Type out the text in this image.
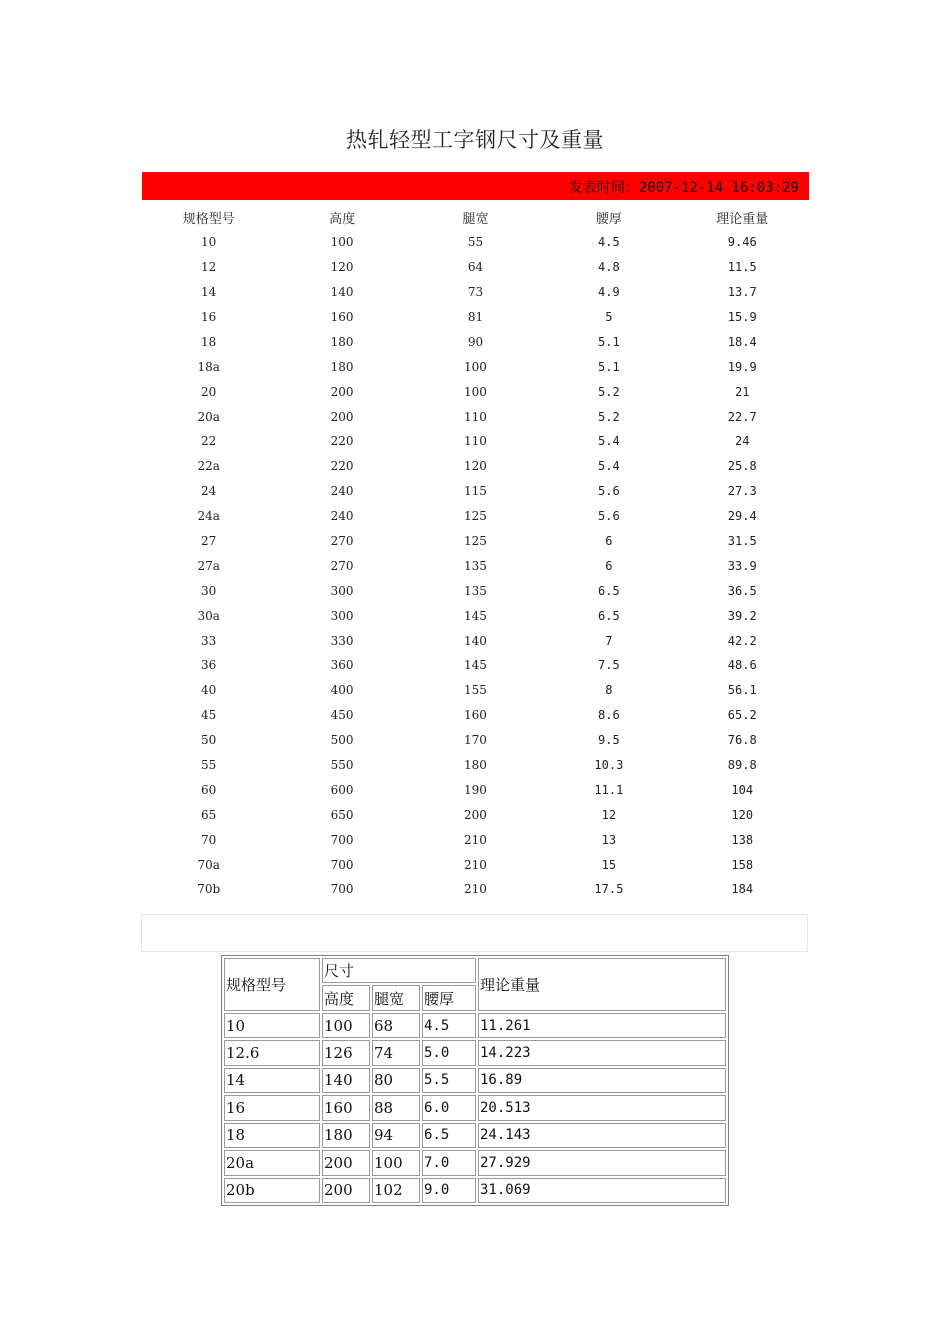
热轧轻型工字钢尺寸及重量
发表时间：2007-12-14 16:03:29
规格型号	高度	腿宽	腰厚	理论重量
10	100	55	4.5	9.46
12	120	64	4.8	11.5
14	140	73	4.9	13.7
16	160	81	5	15.9
18	180	90	5.1	18.4
18a	180	100	5.1	19.9
20	200	100	5.2	21
20a	200	110	5.2	22.7
22	220	110	5.4	24
22a	220	120	5.4	25.8
24	240	115	5.6	27.3
24a	240	125	5.6	29.4
27	270	125	6	31.5
27a	270	135	6	33.9
30	300	135	6.5	36.5
30a	300	145	6.5	39.2
33	330	140	7	42.2
36	360	145	7.5	48.6
40	400	155	8	56.1
45	450	160	8.6	65.2
50	500	170	9.5	76.8
55	550	180	10.3	89.8
60	600	190	11.1	104
65	650	200	12	120
70	700	210	13	138
70a	700	210	15	158
70b	700	210	17.5	184
规格型号	尺寸			理论重量
	高度	腿宽	腰厚	
10	100	68	4.5	11.261
12.6	126	74	5.0	14.223
14	140	80	5.5	16.89
16	160	88	6.0	20.513
18	180	94	6.5	24.143
20a	200	100	7.0	27.929
20b	200	102	9.0	31.069
